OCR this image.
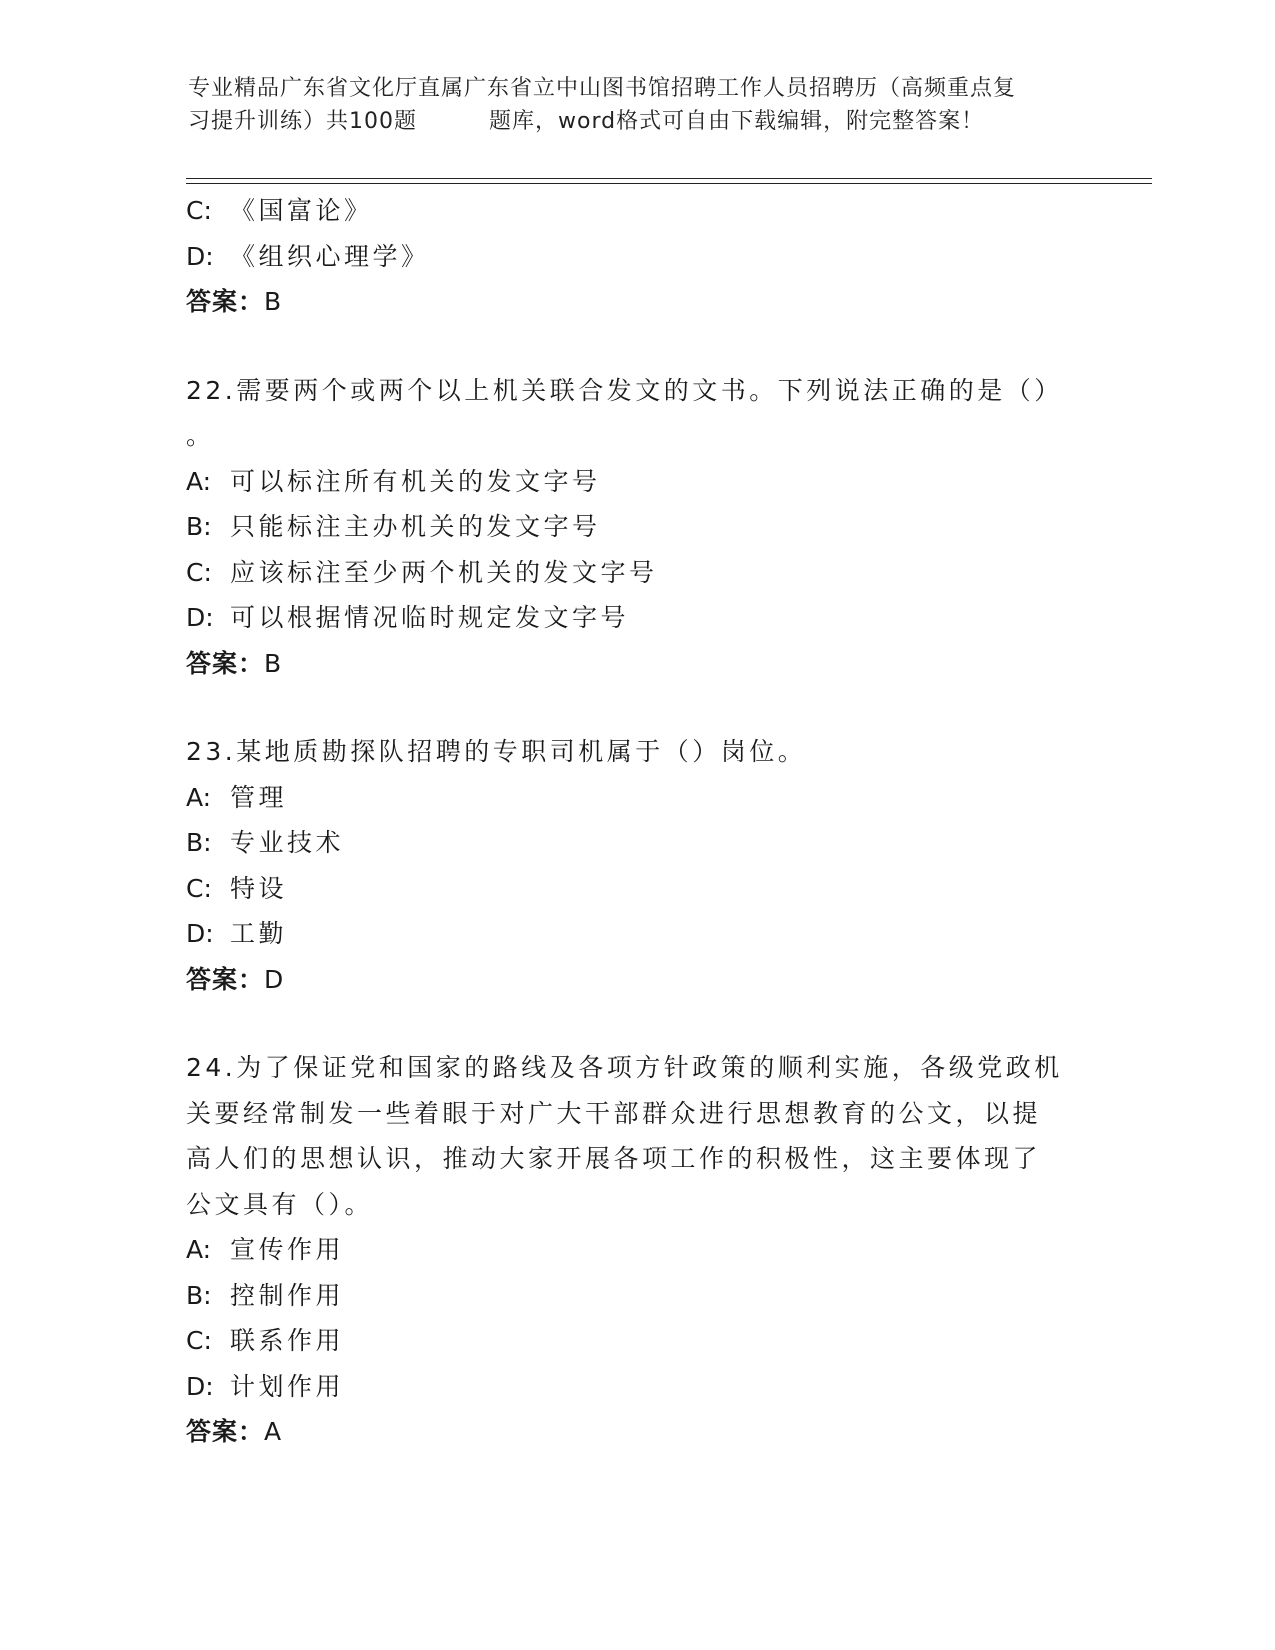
专业精品广东省文化厅直属广东省立中山图书馆招聘工作人员招聘历（高频重点复
习提升训练）共100题	题库，word格式可自由下载编辑，附完整答案！
C: 《国富论》
D: 《组织心理学》
答案：B
22.需要两个或两个以上机关联合发文的文书。下列说法正确的是（）
。
A: 可以标注所有机关的发文字号
B: 只能标注主办机关的发文字号
C: 应该标注至少两个机关的发文字号
D: 可以根据情况临时规定发文字号
答案：B
23.某地质勘探队招聘的专职司机属于（）岗位。
A: 管理
B: 专业技术
C: 特设
D: 工勤
答案：D
24.为了保证党和国家的路线及各项方针政策的顺利实施，各级党政机
关要经常制发一些着眼于对广大干部群众进行思想教育的公文，以提
高人们的思想认识，推动大家开展各项工作的积极性，这主要体现了
公文具有（）。
A: 宣传作用
B: 控制作用
C: 联系作用
D: 计划作用
答案：A
